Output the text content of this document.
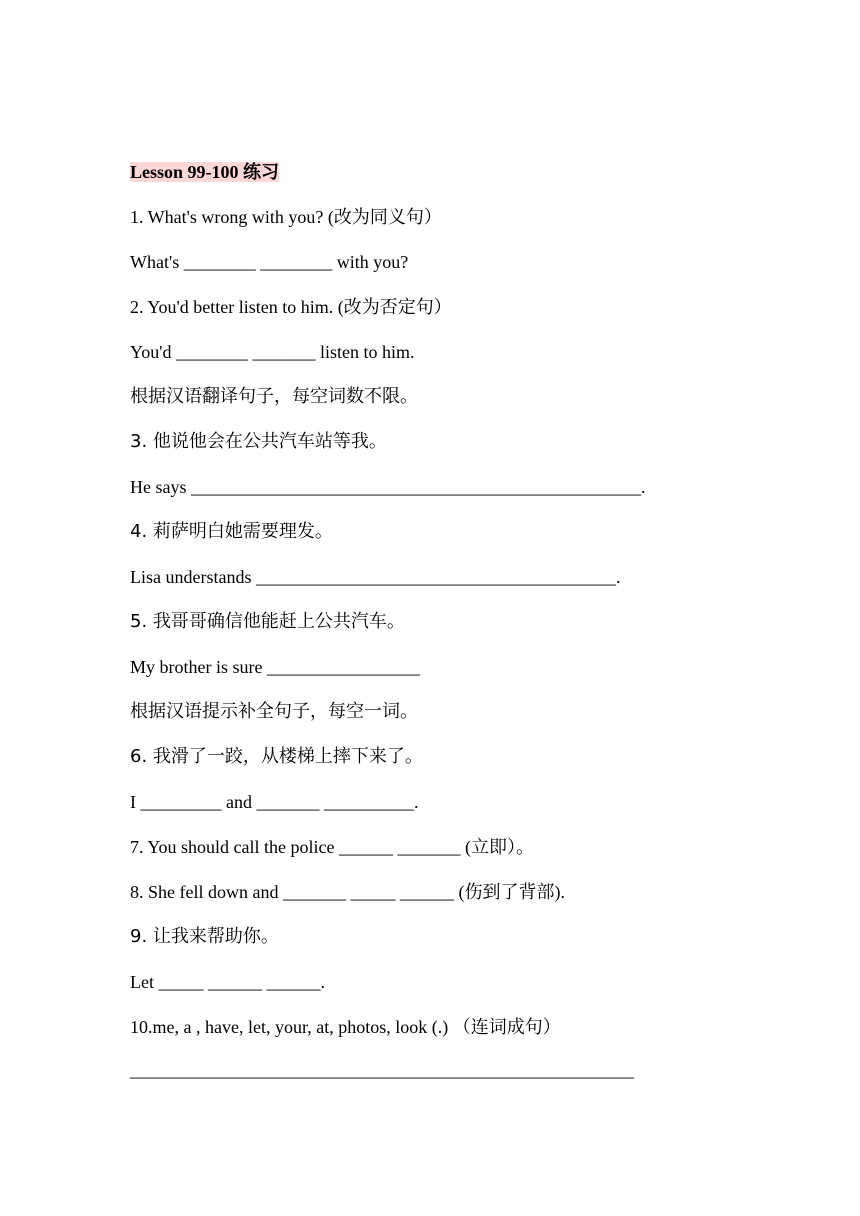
Lesson 99-100 练习
1. What's wrong with you? (改为同义句）
What's ________ ________ with you?
2. You'd better listen to him. (改为否定句）
You'd ________ _______ listen to him.
根据汉语翻译句子，每空词数不限。
3. 他说他会在公共汽车站等我。
He says __________________________________________________.
4. 莉萨明白她需要理发。
Lisa understands ________________________________________.
5. 我哥哥确信他能赶上公共汽车。
My brother is sure _________________
根据汉语提示补全句子，每空一词。
6. 我滑了一跤，从楼梯上摔下来了。
I _________ and _______ __________.
7. You should call the police ______ _______ (立即）。
8. She fell down and _______ _____ ______ (伤到了背部).
9. 让我来帮助你。
Let _____ ______ ______.
10.me, a , have, let, your, at, photos, look (.) （连词成句）
________________________________________________________
